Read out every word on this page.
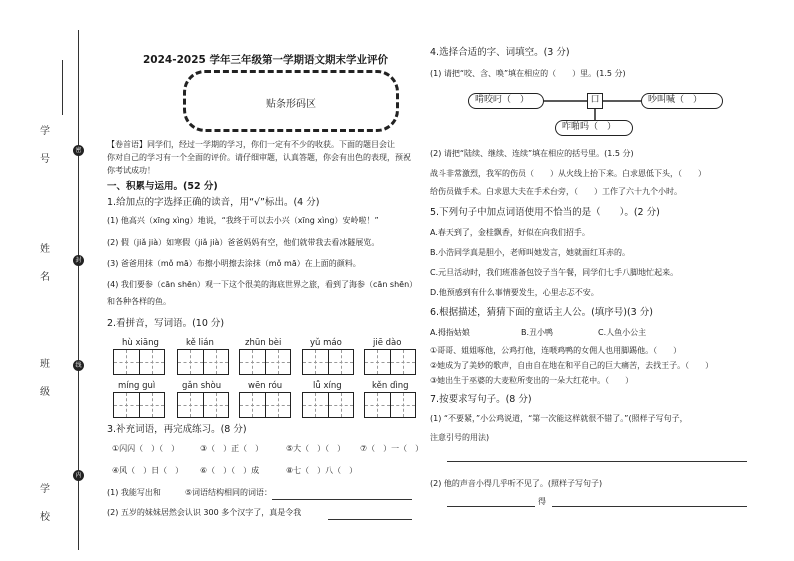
学
号
姓
名
班
级
学
校
密
封
线
内
2024-2025 学年三年级第一学期语文期末学业评价
贴条形码区
【卷首语】同学们，经过一学期的学习，你们一定有不少的收获。下面的题目会让
你对自己的学习有一个全面的评价。请仔细审题，认真答题，你会有出色的表现，预祝
你考试成功！
一、积累与运用。(52 分)
1.给加点的字选择正确的读音，用“√”标出。(4 分)
(1) 他高兴（xīng xìng）地说，“我终于可以去小兴（xīng xìng）安岭啦！”
(2) 假（jiǎ jià）如寒假（jiǎ jià）爸爸妈妈有空，他们就带我去看冰隧展览。
(3) 爸爸用抹（mǒ mā）布擦小明擦去涂抹（mǒ mā）在上面的颜料。
(4) 我们要参（cān shēn）观一下这个很美的海底世界之旅，看到了海参（cān shēn）
和各种各样的鱼。
2.看拼音，写词语。(10 分)
hù xiāng	kě lián	zhūn bèi	yǔ máo	jiē dào
míng guì	gǎn shòu	wēn róu	lǚ xíng	kěn dìng
3.补充词语，再完成练习。(8 分)
①闪闪（　）（　）	③（　）正（　）	⑤大（　）（　） ⑦（　）一（　）
④风（　）日（　） ⑥（　）（　）成	⑧七（　）八（　）
(1) 我能写出和　　　⑤词语结构相同的词语：
(2) 五岁的妹妹居然会认识 300 多个汉字了，真是令我
4.选择合适的字、词填空。(3 分)
(1) 请把“咬、含、唤”填在相应的（　　）里。(1.5 分)
啃咬叼（　）	口	吵叫喊（　）
咋啪吗（　）
(2) 请把“陆续、继续、连续”填在相应的括号里。(1.5 分)
战斗非常激烈，我军的伤员（　　）从火线上抬下来。白求恩低下头，（　　）
给伤员做手术。白求恩大夫在手术台旁，（　　）工作了六十九个小时。
5.下列句子中加点词语使用不恰当的是（　　）。(2 分)
A.春天到了，金桂飘香，好似在向我们招手。
B.小浩同学真是胆小，老师叫她发言，她就面红耳赤的。
C.元旦活动时，我们班准备包饺子当午餐，同学们七手八脚地忙起来。
D.他预感到有什么事情要发生，心里忐忑不安。
6.根据描述，猜猜下面的童话主人公。(填序号)(3 分)
A.拇指姑娘	B.丑小鸭	C.人鱼小公主
①哥哥、姐姐啄他，公鸡打他，连喂鸡鸭的女佣人也用脚踢他。（　　）
②她成为了美妙的歌声，自由自在地在和平自己的巨大痛苦，去找王子。（　　）
③她出生于巫婆的大麦粒所变出的一朵大红花中。（　　）
7.按要求写句子。(8 分)
(1) “不要紧，”小公鸡说道，“第一次能这样就很不错了。”(照样子写句子，
注意引号的用法)
(2) 他的声音小得几乎听不见了。(照样子写句子)
得
